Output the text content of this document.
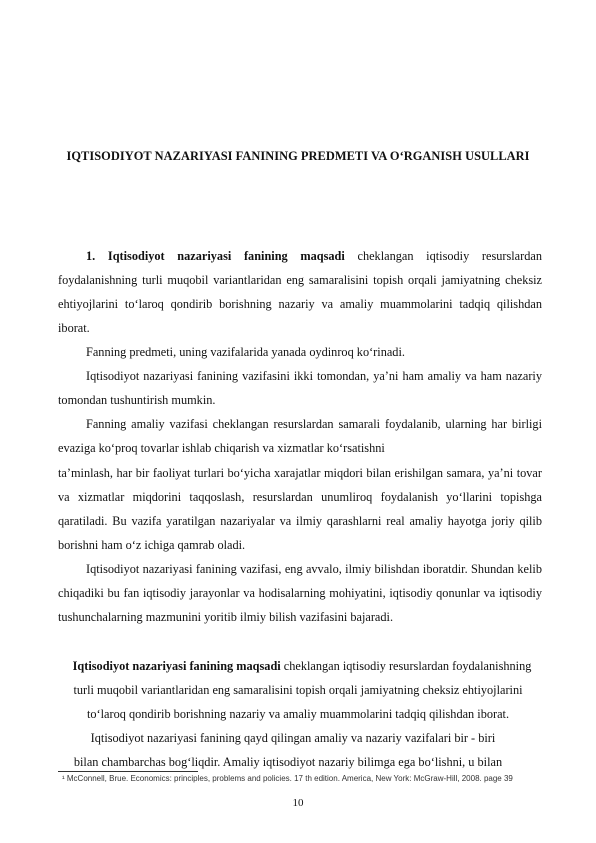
IQTISODIYOT NAZARIYASI FANINING PREDMETI VA O‘RGANISH USULLARI

1. Iqtisodiyot nazariyasi fanining maqsadi cheklangan iqtisodiy resurslardan foydalanishning turli muqobil variantlaridan eng samaralisini topish orqali jamiyatning cheksiz ehtiyojlarini to‘laroq qondirib borishning nazariy va amaliy muammolarini tadqiq qilishdan iborat.

Fanning predmeti, uning vazifalarida yanada oydinroq ko‘rinadi.

Iqtisodiyot nazariyasi fanining vazifasini ikki tomondan, ya’ni ham amaliy va ham nazariy tomondan tushuntirish mumkin.

Fanning amaliy vazifasi cheklangan resurslardan samarali foydalanib, ularning har birligi evaziga ko‘proq tovarlar ishlab chiqarish va xizmatlar ko‘rsatishni

ta’minlash, har bir faoliyat turlari bo‘yicha xarajatlar miqdori bilan erishilgan samara, ya’ni tovar va xizmatlar miqdorini taqqoslash, resurslardan unumliroq foydalanish yo‘llarini topishga qaratiladi. Bu vazifa yaratilgan nazariyalar va ilmiy qarashlarni real amaliy hayotga joriy qilib borishni ham o‘z ichiga qamrab oladi.

Iqtisodiyot nazariyasi fanining vazifasi, eng avvalo, ilmiy bilishdan iboratdir. Shundan kelib chiqadiki bu fan iqtisodiy jarayonlar va hodisalarning mohiyatini, iqtisodiy qonunlar va iqtisodiy tushunchalarning mazmunini yoritib ilmiy bilish vazifasini bajaradi.

Iqtisodiyot nazariyasi fanining maqsadi cheklangan iqtisodiy resurslardan foydalanishning

turli muqobil variantlaridan eng samaralisini topish orqali jamiyatning cheksiz ehtiyojlarini

to‘laroq qondirib borishning nazariy va amaliy muammolarini tadqiq qilishdan iborat.

Iqtisodiyot nazariyasi fanining qayd qilingan amaliy va nazariy vazifalari bir - biri

bilan chambarchas bog‘liqdir. Amaliy iqtisodiyot nazariy bilimga ega bo‘lishni, u bilan

¹ McConnell, Brue. Economics: principles, problems and policies. 17 th edition. America, New York: McGraw-Hill, 2008. page 39

10
